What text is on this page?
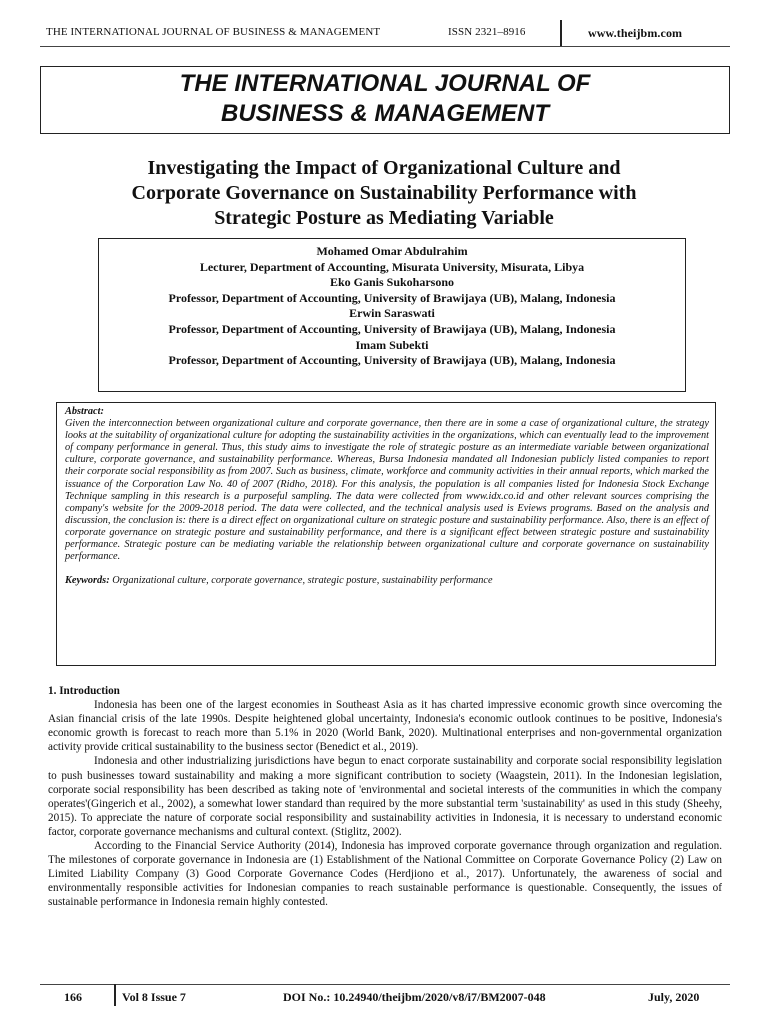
THE INTERNATIONAL JOURNAL OF BUSINESS & MANAGEMENT	ISSN 2321–8916	www.theijbm.com
THE INTERNATIONAL JOURNAL OF
BUSINESS & MANAGEMENT
Investigating the Impact of Organizational Culture and
Corporate Governance on Sustainability Performance with
Strategic Posture as Mediating Variable
Mohamed Omar Abdulrahim
Lecturer, Department of Accounting, Misurata University, Misurata, Libya
Eko Ganis Sukoharsono
Professor, Department of Accounting, University of Brawijaya (UB), Malang, Indonesia
Erwin Saraswati
Professor, Department of Accounting, University of Brawijaya (UB), Malang, Indonesia
Imam Subekti
Professor, Department of Accounting, University of Brawijaya (UB), Malang, Indonesia
Abstract:

Given the interconnection between organizational culture and corporate governance, then there are in some a case of organizational culture, the strategy looks at the suitability of organizational culture for adopting the sustainability activities in the organizations, which can eventually lead to the improvement of company performance in general. Thus, this study aims to investigate the role of strategic posture as an intermediate variable between organizational culture, corporate governance, and sustainability performance. Whereas, Bursa Indonesia mandated all Indonesian publicly listed companies to report their corporate social responsibility as from 2007. Such as business, climate, workforce and community activities in their annual reports, which marked the issuance of the Corporation Law No. 40 of 2007 (Ridho, 2018). For this analysis, the population is all companies listed for Indonesia Stock Exchange Technique sampling in this research is a purposeful sampling. The data were collected from www.idx.co.id and other relevant sources comprising the company's website for the 2009-2018 period. The data were collected, and the technical analysis used is Eviews programs. Based on the analysis and discussion, the conclusion is: there is a direct effect on organizational culture on strategic posture and sustainability performance. Also, there is an effect of corporate governance on strategic posture and sustainability performance, and there is a significant effect between strategic posture and sustainability performance. Strategic posture can be mediating variable the relationship between organizational culture and corporate governance on sustainability performance.

Keywords: Organizational culture, corporate governance, strategic posture, sustainability performance
1. Introduction

Indonesia has been one of the largest economies in Southeast Asia as it has charted impressive economic growth since overcoming the Asian financial crisis of the late 1990s. Despite heightened global uncertainty, Indonesia's economic outlook continues to be positive, Indonesia's economic growth is forecast to reach more than 5.1% in 2020 (World Bank, 2020). Multinational enterprises and non-governmental organization activity provide critical sustainability to the business sector (Benedict et al., 2019).

Indonesia and other industrializing jurisdictions have begun to enact corporate sustainability and corporate social responsibility legislation to push businesses toward sustainability and making a more significant contribution to society (Waagstein, 2011). In the Indonesian legislation, corporate social responsibility has been described as taking note of 'environmental and societal interests of the communities in which the company operates'(Gingerich et al., 2002), a somewhat lower standard than required by the more substantial term 'sustainability' as used in this study (Sheehy, 2015). To appreciate the nature of corporate social responsibility and sustainability activities in Indonesia, it is necessary to understand economic factor, corporate governance mechanisms and cultural context. (Stiglitz, 2002).

According to the Financial Service Authority (2014), Indonesia has improved corporate governance through organization and regulation. The milestones of corporate governance in Indonesia are (1) Establishment of the National Committee on Corporate Governance Policy (2) Law on Limited Liability Company (3) Good Corporate Governance Codes (Herdjiono et al., 2017). Unfortunately, the awareness of social and environmentally responsible activities for Indonesian companies to reach sustainable performance is questionable. Consequently, the issues of sustainable performance in Indonesia remain highly contested.

166	Vol 8 Issue 7	DOI No.: 10.24940/theijbm/2020/v8/i7/BM2007-048	July, 2020
